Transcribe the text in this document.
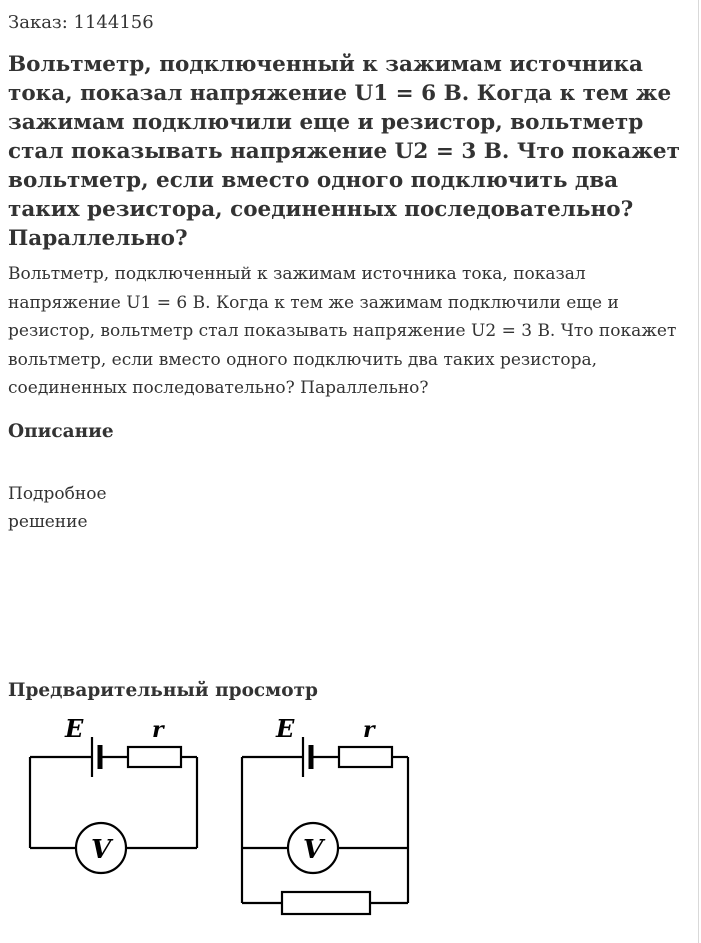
Заказ: 1144156
Вольтметр, подключенный к зажимам источника тока, показал напряжение U1 = 6 В. Когда к тем же зажимам подключили еще и резистор, вольтметр стал показывать напряжение U2 = 3 В. Что покажет вольтметр, если вместо одного подключить два таких резистора, соединенных последовательно? Параллельно?

Вольтметр, подключенный к зажимам источника тока, показал напряжение U1 = 6 В. Когда к тем же зажимам подключили еще и резистор, вольтметр стал показывать напряжение U2 = 3 В. Что покажет вольтметр, если вместо одного подключить два таких резистора, соединенных последовательно? Параллельно?

Описание

Подробное решение

Предварительный просмотр
E	r
V
E	r
V
